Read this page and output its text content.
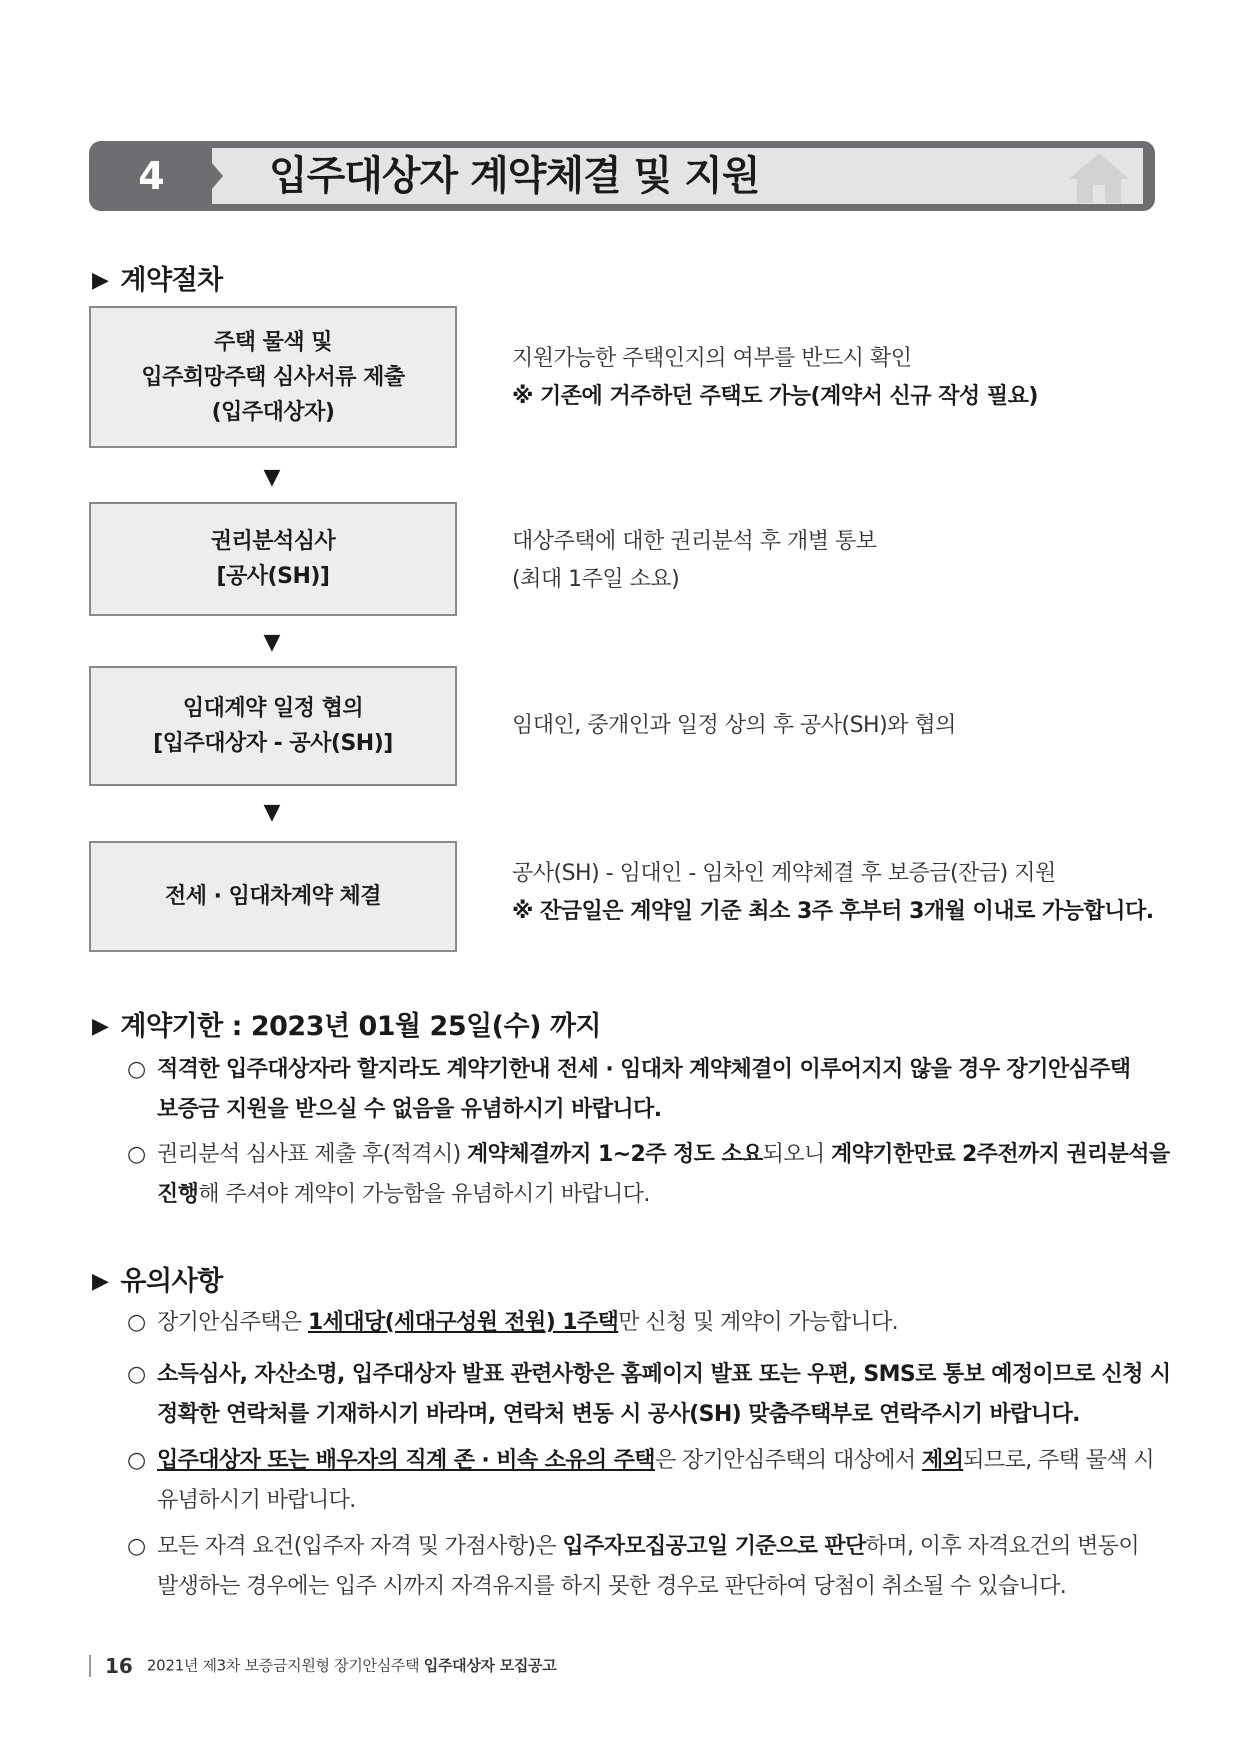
4	입주대상자 계약체결 및 지원
▶ 계약절차
주택 물색 및
입주희망주택 심사서류 제출
(입주대상자)
지원가능한 주택인지의 여부를 반드시 확인
※ 기존에 거주하던 주택도 가능(계약서 신규 작성 필요)
▼
권리분석심사
[공사(SH)]
대상주택에 대한 권리분석 후 개별 통보
(최대 1주일 소요)
▼
임대계약 일정 협의
[입주대상자 - 공사(SH)]
임대인, 중개인과 일정 상의 후 공사(SH)와 협의
▼
전세 · 임대차계약 체결
공사(SH) - 임대인 - 임차인 계약체결 후 보증금(잔금) 지원
※ 잔금일은 계약일 기준 최소 3주 후부터 3개월 이내로 가능합니다.
▶ 계약기한 : 2023년 01월 25일(수) 까지
○ 적격한 입주대상자라 할지라도 계약기한내 전세 · 임대차 계약체결이 이루어지지 않을 경우 장기안심주택
보증금 지원을 받으실 수 없음을 유념하시기 바랍니다.
○ 권리분석 심사표 제출 후(적격시) 계약체결까지 1~2주 정도 소요되오니 계약기한만료 2주전까지 권리분석을
진행해 주셔야 계약이 가능함을 유념하시기 바랍니다.
▶ 유의사항
○ 장기안심주택은 1세대당(세대구성원 전원) 1주택만 신청 및 계약이 가능합니다.
○ 소득심사, 자산소명, 입주대상자 발표 관련사항은 홈페이지 발표 또는 우편, SMS로 통보 예정이므로 신청 시
정확한 연락처를 기재하시기 바라며, 연락처 변동 시 공사(SH) 맞춤주택부로 연락주시기 바랍니다.
○ 입주대상자 또는 배우자의 직계 존 · 비속 소유의 주택은 장기안심주택의 대상에서 제외되므로, 주택 물색 시
유념하시기 바랍니다.
○ 모든 자격 요건(입주자 자격 및 가점사항)은 입주자모집공고일 기준으로 판단하며, 이후 자격요건의 변동이
발생하는 경우에는 입주 시까지 자격유지를 하지 못한 경우로 판단하여 당첨이 취소될 수 있습니다.
16 2021년 제3차 보증금지원형 장기안심주택 입주대상자 모집공고
